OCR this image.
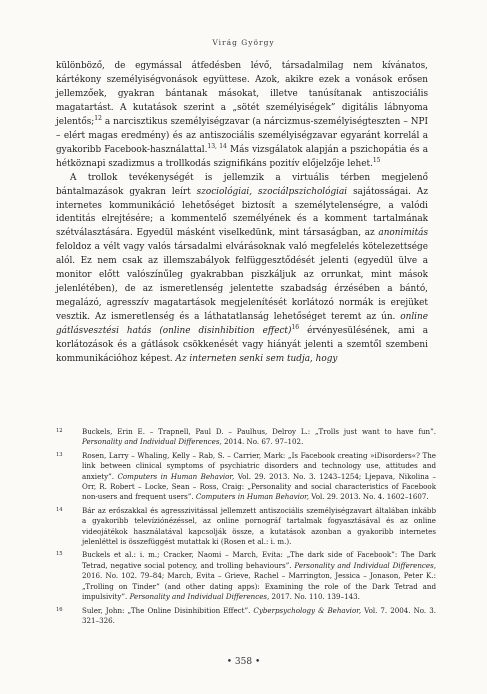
Virág György

különböző, de egymással átfedésben lévő, társadalmilag nem kívánatos, kártékony személyiségvonások együttese. Azok, akikre ezek a vonások erősen jellemzőek, gyakran bántanak másokat, illetve tanúsítanak antiszociális magatartást. A kutatások szerint a „sötét személyiségek” digitális lábnyoma jelentős;$^{12}$ a narcisztikus személyiségzavar (a nárcizmus-személyiségteszten – NPI – elért magas eredmény) és az antiszociális személyiségzavar egyaránt korrelál a gyakoribb Facebook-használattal.$^{13, 14}$ Más vizsgálatok alapján a pszichopátia és a hétköznapi szadizmus a trollkodás szignifikáns pozitív előjelzője lehet.$^{15}$

A trollok tevékenységét is jellemzik a virtuális térben megjelenő bántalmazások gyakran leírt szociológiai, szociálpszichológiai sajátosságai. Az internetes kommunikáció lehetőséget biztosít a személytelenségre, a valódi identitás elrejtésére; a kommentelő személyének és a komment tartalmának szétválasztására. Egyedül másként viselkedünk, mint társaságban, az anonimitás feloldoz a vélt vagy valós társadalmi elvárásoknak való megfelelés kötelezettsége alól. Ez nem csak az illemszabályok felfüggesztődését jelenti (egyedül ülve a monitor előtt valószínűleg gyakrabban piszkáljuk az orrunkat, mint mások jelenlétében), de az ismeretlenség jelentette szabadság érzésében a bántó, megalázó, agresszív magatartások megjelenítését korlátozó normák is erejüket vesztik. Az ismeretlenség és a láthatatlanság lehetőséget teremt az ún. online gátlásvesztési hatás (online disinhibition effect)$^{16}$ érvényesülésének, ami a korlátozások és a gátlások csökkenését vagy hiányát jelenti a szemtől szembeni kommunikációhoz képest. Az interneten senki sem tudja, hogy

12	Buckels, Erin E. – Trapnell, Paul D. – Paulhus, Delroy L.: „Trolls just want to have fun”. Personality and Individual Differences, 2014. No. 67. 97–102.
13	Rosen, Larry – Whaling, Kelly – Rab, S. – Carrier, Mark: „Is Facebook creating »iDisorders«? The link between clinical symptoms of psychiatric disorders and technology use, attitudes and anxiety”. Computers in Human Behavior, Vol. 29. 2013. No. 3. 1243–1254; Ljepava, Nikolina – Orr, R. Robert – Locke, Sean – Ross, Craig: „Personality and social characteristics of Facebook non-users and frequent users”. Computers in Human Behavior, Vol. 29. 2013. No. 4. 1602–1607.
14	Bár az erőszakkal és agresszivitással jellemzett antiszociális személyiségzavart általában inkább a gyakoribb televíziónézéssel, az online pornográf tartalmak fogyasztásával és az online videojátékok használatával kapcsolják össze, a kutatások azonban a gyakoribb internetes jelenléttel is összefüggést mutattak ki (Rosen et al.: i. m.).
15	Buckels et al.: i. m.; Cracker, Naomi – March, Evita: „The dark side of Facebook”: The Dark Tetrad, negative social potency, and trolling behaviours”. Personality and Individual Differences, 2016. No. 102. 79–84; March, Evita – Grieve, Rachel – Marrington, Jessica – Jonason, Peter K.: „Trolling on Tinder” (and other dating apps): Examining the role of the Dark Tetrad and impulsivity”. Personality and Individual Differences, 2017. No. 110. 139–143.
16	Suler, John: „The Online Disinhibition Effect”. Cyberpsychology & Behavior, Vol. 7. 2004. No. 3. 321–326.
• 358 •
